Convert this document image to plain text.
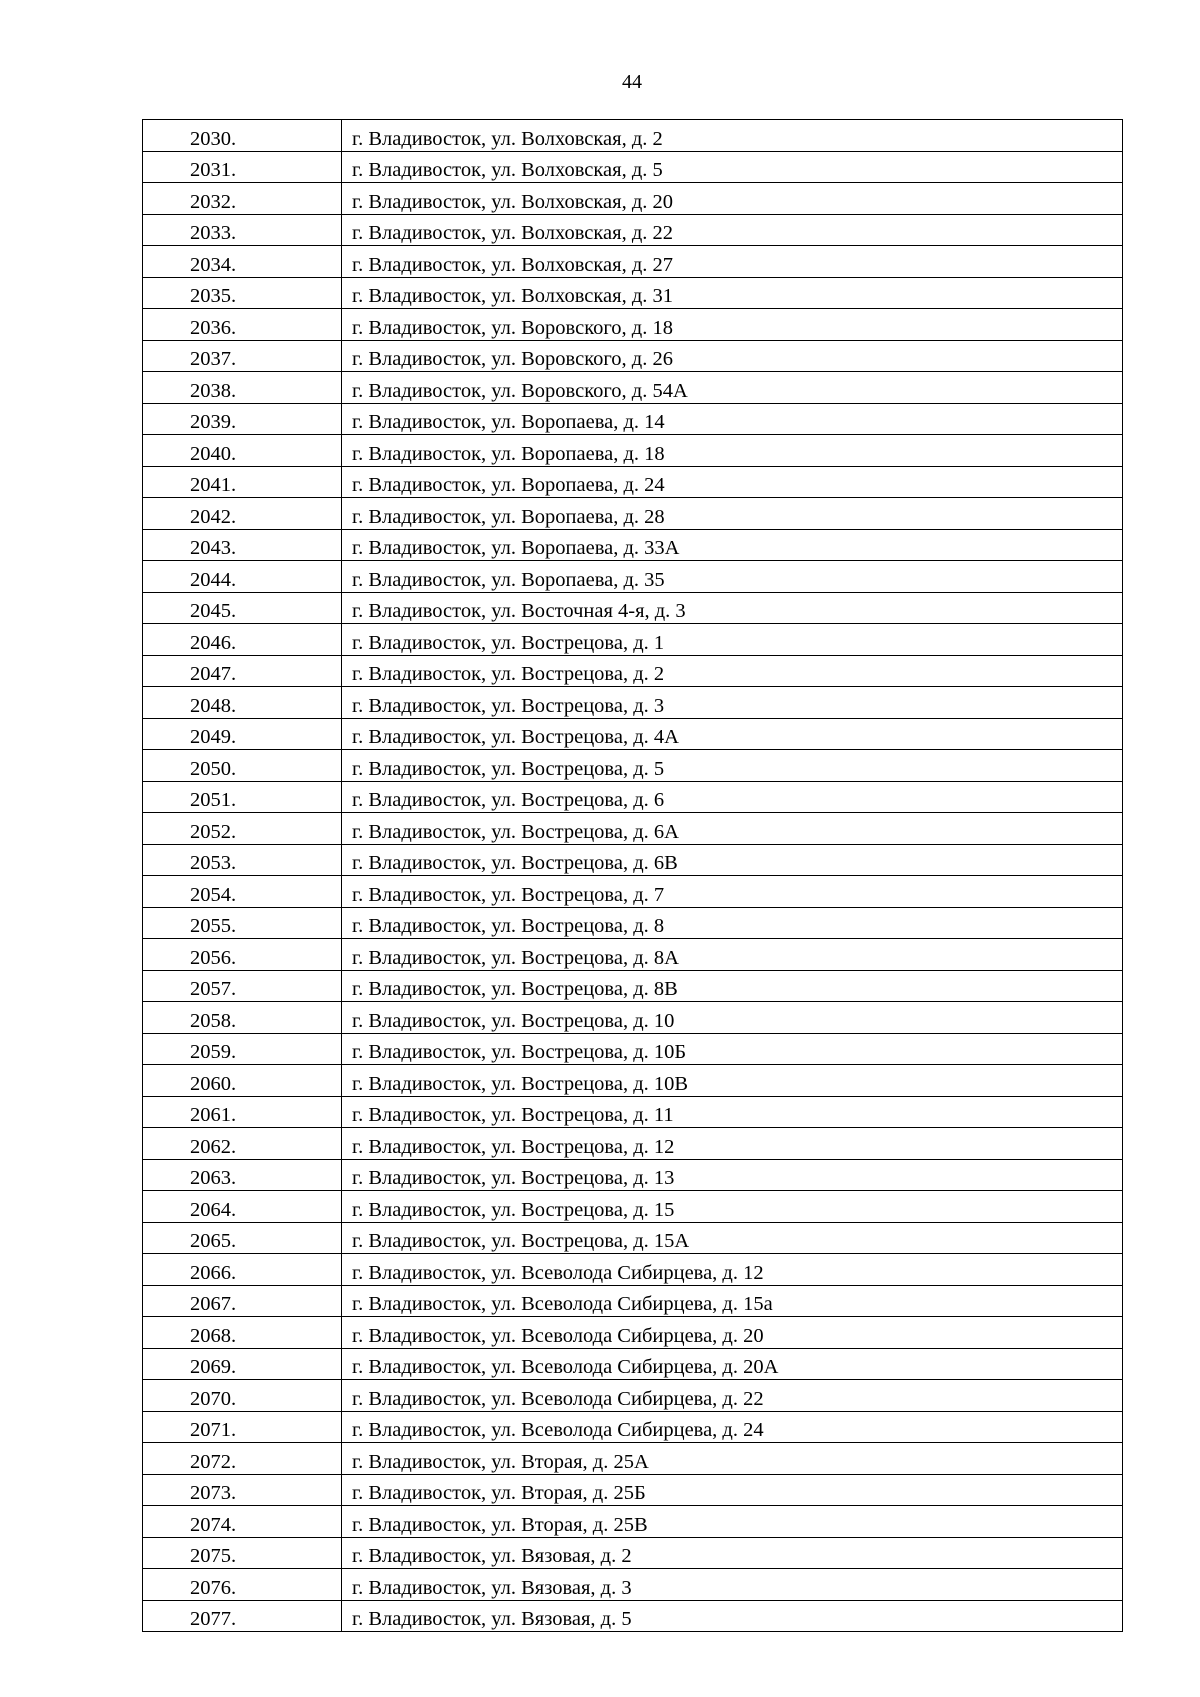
44
2030.	г. Владивосток, ул. Волховская, д. 2

2031.	г. Владивосток, ул. Волховская, д. 5

2032.	г. Владивосток, ул. Волховская, д. 20

2033.	г. Владивосток, ул. Волховская, д. 22

2034.	г. Владивосток, ул. Волховская, д. 27

2035.	г. Владивосток, ул. Волховская, д. 31

2036.	г. Владивосток, ул. Воровского, д. 18

2037.	г. Владивосток, ул. Воровского, д. 26

2038.	г. Владивосток, ул. Воровского, д. 54А

2039.	г. Владивосток, ул. Воропаева, д. 14

2040.	г. Владивосток, ул. Воропаева, д. 18

2041.	г. Владивосток, ул. Воропаева, д. 24

2042.	г. Владивосток, ул. Воропаева, д. 28

2043.	г. Владивосток, ул. Воропаева, д. 33А

2044.	г. Владивосток, ул. Воропаева, д. 35

2045.	г. Владивосток, ул. Восточная 4-я, д. 3

2046.	г. Владивосток, ул. Вострецова, д. 1

2047.	г. Владивосток, ул. Вострецова, д. 2

2048.	г. Владивосток, ул. Вострецова, д. 3

2049.	г. Владивосток, ул. Вострецова, д. 4А

2050.	г. Владивосток, ул. Вострецова, д. 5

2051.	г. Владивосток, ул. Вострецова, д. 6

2052.	г. Владивосток, ул. Вострецова, д. 6А

2053.	г. Владивосток, ул. Вострецова, д. 6В

2054.	г. Владивосток, ул. Вострецова, д. 7

2055.	г. Владивосток, ул. Вострецова, д. 8

2056.	г. Владивосток, ул. Вострецова, д. 8А

2057.	г. Владивосток, ул. Вострецова, д. 8В

2058.	г. Владивосток, ул. Вострецова, д. 10

2059.	г. Владивосток, ул. Вострецова, д. 10Б

2060.	г. Владивосток, ул. Вострецова, д. 10В

2061.	г. Владивосток, ул. Вострецова, д. 11

2062.	г. Владивосток, ул. Вострецова, д. 12

2063.	г. Владивосток, ул. Вострецова, д. 13

2064.	г. Владивосток, ул. Вострецова, д. 15

2065.	г. Владивосток, ул. Вострецова, д. 15А

2066.	г. Владивосток, ул. Всеволода Сибирцева, д. 12

2067.	г. Владивосток, ул. Всеволода Сибирцева, д. 15а

2068.	г. Владивосток, ул. Всеволода Сибирцева, д. 20

2069.	г. Владивосток, ул. Всеволода Сибирцева, д. 20А

2070.	г. Владивосток, ул. Всеволода Сибирцева, д. 22

2071.	г. Владивосток, ул. Всеволода Сибирцева, д. 24

2072.	г. Владивосток, ул. Вторая, д. 25А

2073.	г. Владивосток, ул. Вторая, д. 25Б

2074.	г. Владивосток, ул. Вторая, д. 25В

2075.	г. Владивосток, ул. Вязовая, д. 2

2076.	г. Владивосток, ул. Вязовая, д. 3

2077.	г. Владивосток, ул. Вязовая, д. 5
